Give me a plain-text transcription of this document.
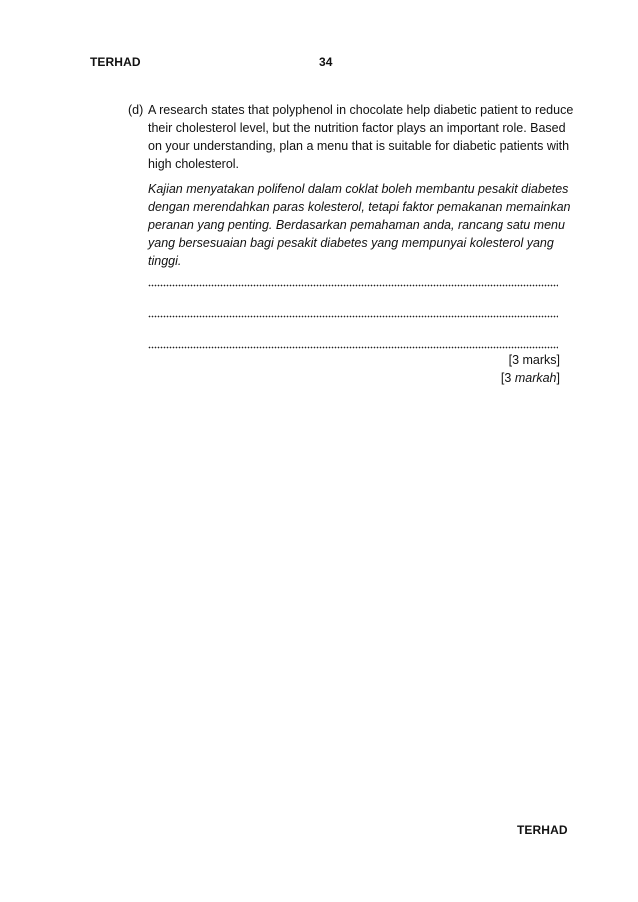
TERHAD	34
(d) A research states that polyphenol in chocolate help diabetic patient to reduce
their cholesterol level, but the nutrition factor plays an important role. Based
on your understanding, plan a menu that is suitable for diabetic patients with
high cholesterol.
Kajian menyatakan polifenol dalam coklat boleh membantu pesakit diabetes
dengan merendahkan paras kolesterol, tetapi faktor pemakanan memainkan
peranan yang penting. Berdasarkan pemahaman anda, rancang satu menu
yang bersesuaian bagi pesakit diabetes yang mempunyai kolesterol yang
tinggi.
[3 marks]
[3 markah]
TERHAD
